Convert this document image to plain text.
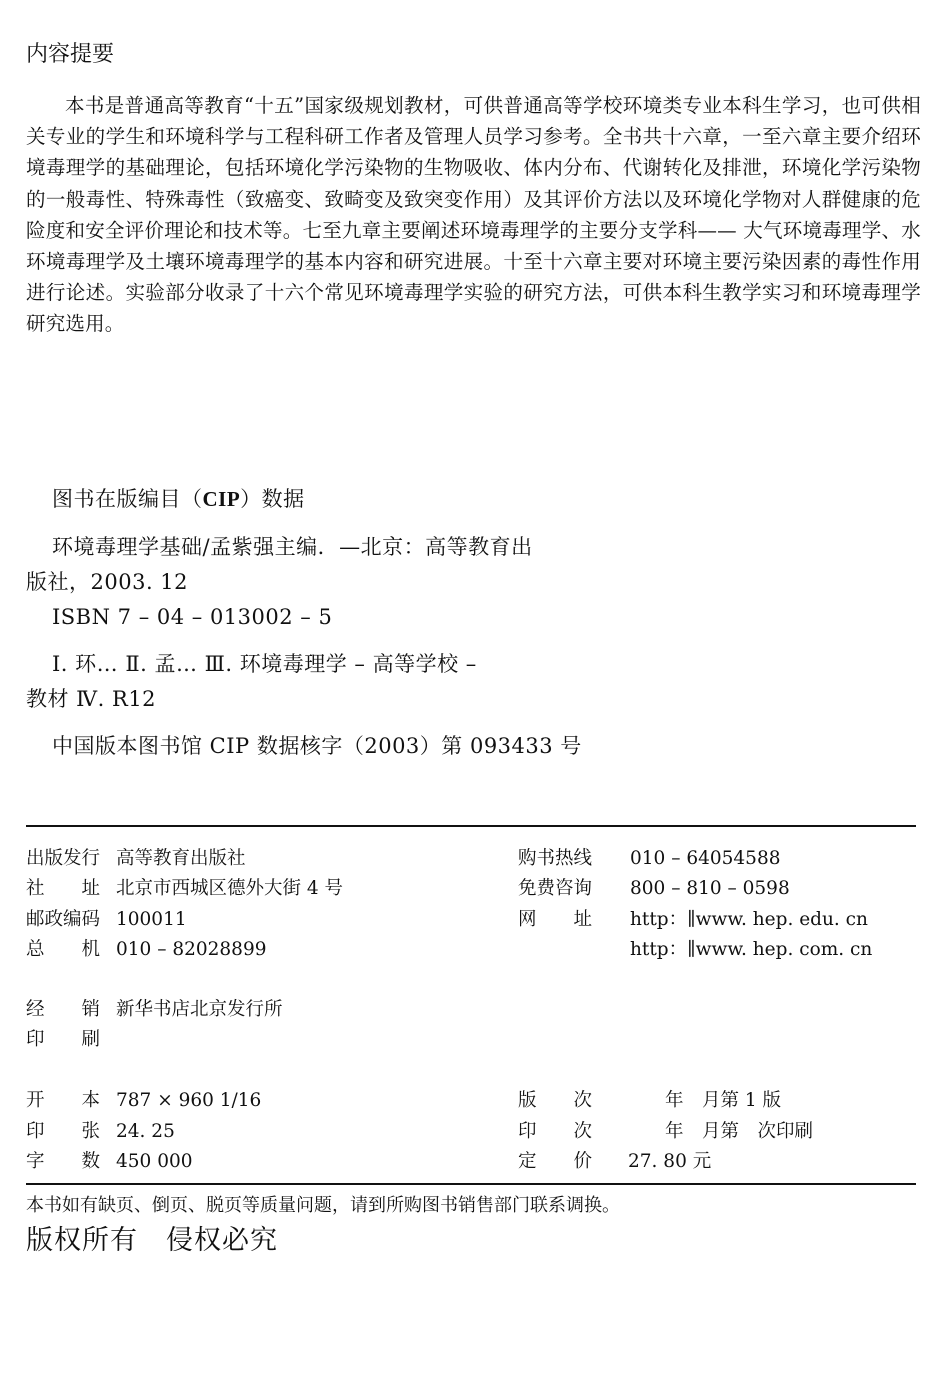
内容提要
本书是普通高等教育“十五”国家级规划教材，可供普通高等学校环境类专业本科生学习，也可供相关专业的学生和环境科学与工程科研工作者及管理人员学习参考。全书共十六章，一至六章主要介绍环境毒理学的基础理论，包括环境化学污染物的生物吸收、体内分布、代谢转化及排泄，环境化学污染物的一般毒性、特殊毒性（致癌变、致畸变及致突变作用）及其评价方法以及环境化学物对人群健康的危险度和安全评价理论和技术等。七至九章主要阐述环境毒理学的主要分支学科—— 大气环境毒理学、水环境毒理学及土壤环境毒理学的基本内容和研究进展。十至十六章主要对环境主要污染因素的毒性作用进行论述。实验部分收录了十六个常见环境毒理学实验的研究方法，可供本科生教学实习和环境毒理学研究选用。
图书在版编目（CIP）数据
环境毒理学基础/孟紫强主编．—北京：高等教育出
版社，2003. 12
ISBN 7 – 04 – 013002 – 5
Ⅰ. 环… Ⅱ. 孟… Ⅲ. 环境毒理学 – 高等学校 –
教材 Ⅳ. R12
中国版本图书馆 CIP 数据核字（2003）第 093433 号
出版发行 高等教育出版社
社　　址 北京市西城区德外大街 4 号
邮政编码 100011
总　　机 010 – 82028899
购书热线 010 – 64054588
免费咨询 800 – 810 – 0598
网　　址 http：∥www. hep. edu. cn
http：∥www. hep. com. cn
经　　销 新华书店北京发行所
印　　刷
开　　本 787 × 960 1/16
印　　张 24. 25
字　　数 450 000
版　　次　　年　月第 1 版
印　　次　　年　月第　次印刷
定　　价 27. 80 元
本书如有缺页、倒页、脱页等质量问题，请到所购图书销售部门联系调换。
版权所有　侵权必究
